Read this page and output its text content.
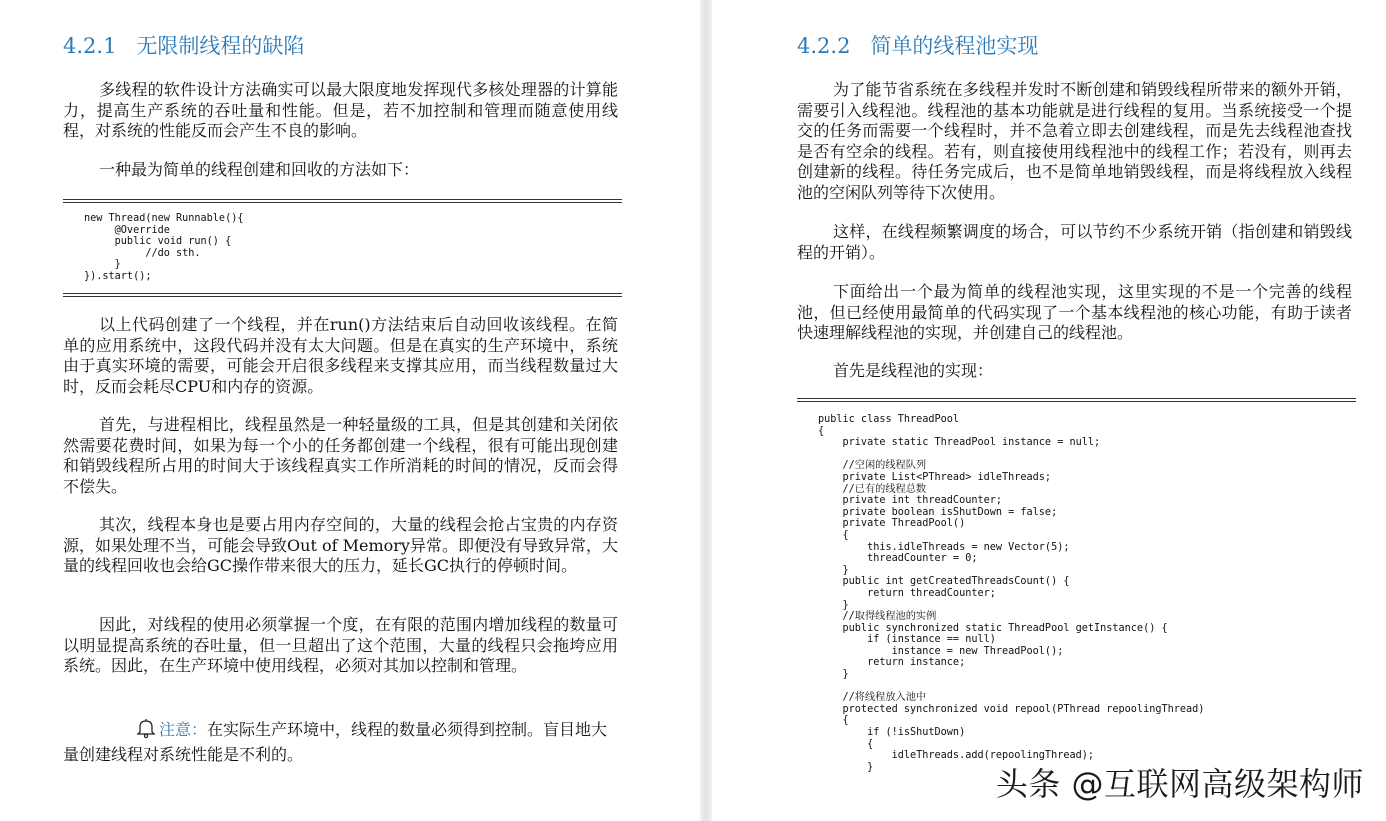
4.2.1 无限制线程的缺陷

多线程的软件设计方法确实可以最大限度地发挥现代多核处理器的计算能力，提高生产系统的吞吐量和性能。但是，若不加控制和管理而随意使用线程，对系统的性能反而会产生不良的影响。

一种最为简单的线程创建和回收的方法如下：

new Thread(new Runnable(){
@Override
public void run() {
//do sth.
}
}).start();

以上代码创建了一个线程，并在run()方法结束后自动回收该线程。在简单的应用系统中，这段代码并没有太大问题。但是在真实的生产环境中，系统由于真实环境的需要，可能会开启很多线程来支撑其应用，而当线程数量过大时，反而会耗尽CPU和内存的资源。

首先，与进程相比，线程虽然是一种轻量级的工具，但是其创建和关闭依然需要花费时间，如果为每一个小的任务都创建一个线程，很有可能出现创建和销毁线程所占用的时间大于该线程真实工作所消耗的时间的情况，反而会得不偿失。

其次，线程本身也是要占用内存空间的，大量的线程会抢占宝贵的内存资源，如果处理不当，可能会导致Out of Memory异常。即便没有导致异常，大量的线程回收也会给GC操作带来很大的压力，延长GC执行的停顿时间。

因此，对线程的使用必须掌握一个度，在有限的范围内增加线程的数量可以明显提高系统的吞吐量，但一旦超出了这个范围，大量的线程只会拖垮应用系统。因此，在生产环境中使用线程，必须对其加以控制和管理。

注意：在实际生产环境中，线程的数量必须得到控制。盲目地大量创建线程对系统性能是不利的。
4.2.2 简单的线程池实现

为了能节省系统在多线程并发时不断创建和销毁线程所带来的额外开销，需要引入线程池。线程池的基本功能就是进行线程的复用。当系统接受一个提交的任务而需要一个线程时，并不急着立即去创建线程，而是先去线程池查找是否有空余的线程。若有，则直接使用线程池中的线程工作；若没有，则再去创建新的线程。待任务完成后，也不是简单地销毁线程，而是将线程放入线程池的空闲队列等待下次使用。

这样，在线程频繁调度的场合，可以节约不少系统开销（指创建和销毁线程的开销）。

下面给出一个最为简单的线程池实现，这里实现的不是一个完善的线程池，但已经使用最简单的代码实现了一个基本线程池的核心功能，有助于读者快速理解线程池的实现，并创建自己的线程池。

首先是线程池的实现：

public class ThreadPool
{
private static ThreadPool instance = null;

//空闲的线程队列
private List<PThread> idleThreads;
//已有的线程总数
private int threadCounter;
private boolean isShutDown = false;
private ThreadPool()
{
this.idleThreads = new Vector(5);
threadCounter = 0;
}
public int getCreatedThreadsCount() {
return threadCounter;
}
//取得线程池的实例
public synchronized static ThreadPool getInstance() {
if (instance == null)
instance = new ThreadPool();
return instance;
}

//将线程放入池中
protected synchronized void repool(PThread repoolingThread)
{
if (!isShutDown)
{
idleThreads.add(repoolingThread);
}	头条 @互联网高级架构师
